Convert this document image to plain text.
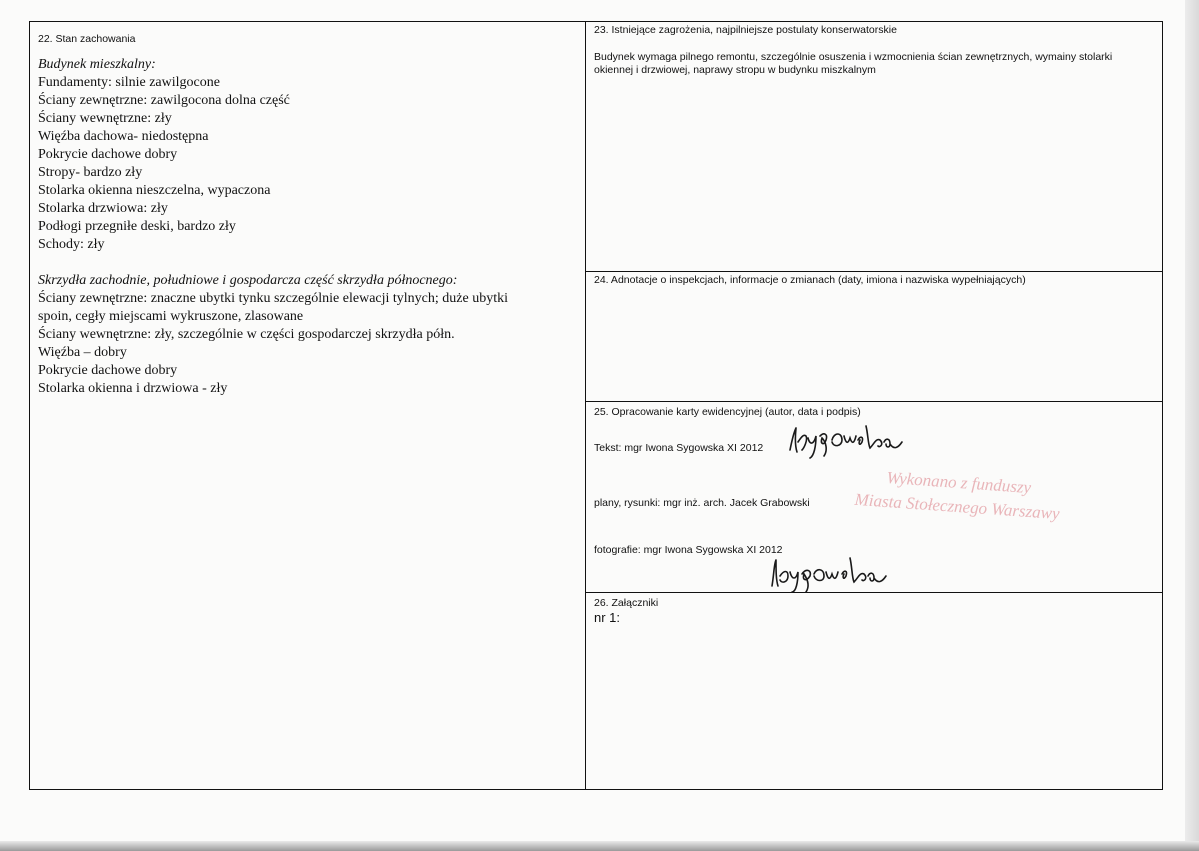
22. Stan zachowania
Budynek mieszkalny:
Fundamenty: silnie zawilgocone
Ściany zewnętrzne: zawilgocona dolna część
Ściany wewnętrzne: zły
Więźba dachowa- niedostępna
Pokrycie dachowe dobry
Stropy- bardzo zły
Stolarka okienna nieszczelna, wypaczona
Stolarka drzwiowa: zły
Podłogi przegniłe deski, bardzo zły
Schody: zły
Skrzydła zachodnie, południowe i gospodarcza część skrzydła północnego:
Ściany zewnętrzne: znaczne ubytki tynku szczególnie elewacji tylnych; duże ubytki
spoin, cegły miejscami wykruszone, zlasowane
Ściany wewnętrzne: zły, szczególnie w części gospodarczej skrzydła półn.
Więźba – dobry
Pokrycie dachowe dobry
Stolarka okienna i drzwiowa - zły
23. Istniejące zagrożenia, najpilniejsze postulaty konserwatorskie
Budynek wymaga pilnego remontu, szczególnie osuszenia i wzmocnienia ścian zewnętrznych, wymainy stolarki
okiennej i drzwiowej, naprawy stropu w budynku miszkalnym
24. Adnotacje o inspekcjach, informacje o zmianach (daty, imiona i nazwiska wypełniających)
25. Opracowanie karty ewidencyjnej (autor, data i podpis)
Tekst: mgr Iwona Sygowska XI 2012
plany, rysunki: mgr inż. arch. Jacek Grabowski
Wykonano z funduszy
Miasta Stołecznego Warszawy
fotografie: mgr Iwona Sygowska XI 2012
26. Załączniki
nr 1:
